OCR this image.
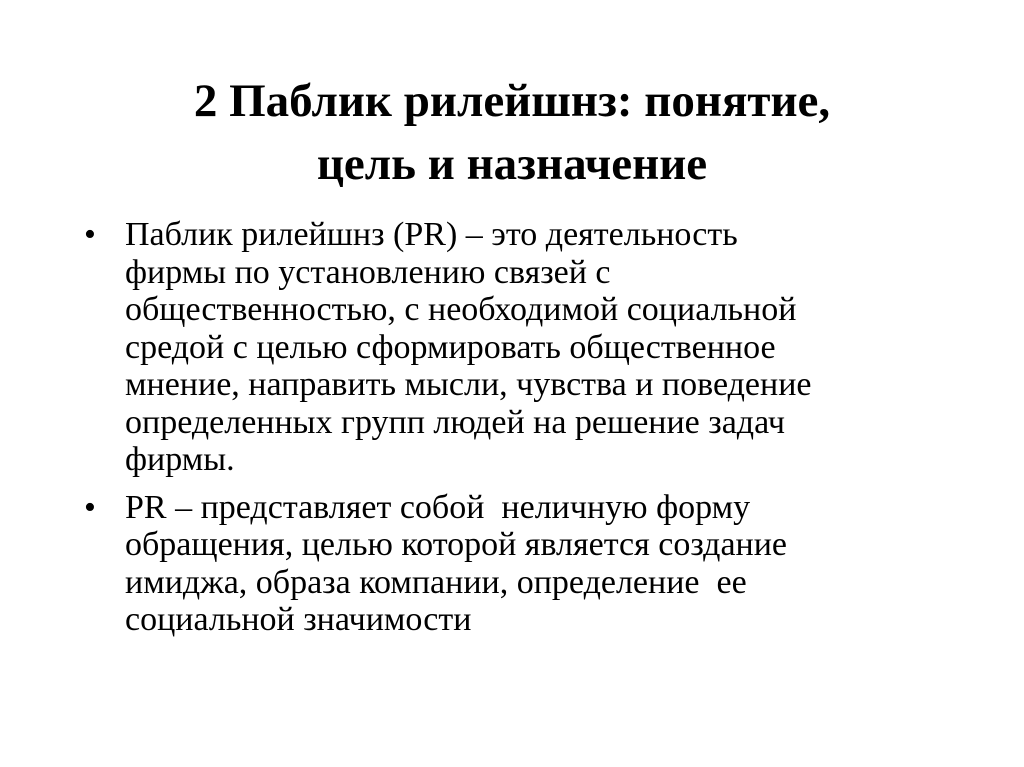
2 Паблик рилейшнз: понятие,
цель и назначение
• Паблик рилейшнз (PR) – это деятельность
фирмы по установлению связей с
общественностью, с необходимой социальной
средой с целью сформировать общественное
мнение, направить мысли, чувства и поведение
определенных групп людей на решение задач
фирмы.
• PR – представляет собой  неличную форму
обращения, целью которой является создание
имиджа, образа компании, определение  ее
социальной значимости
